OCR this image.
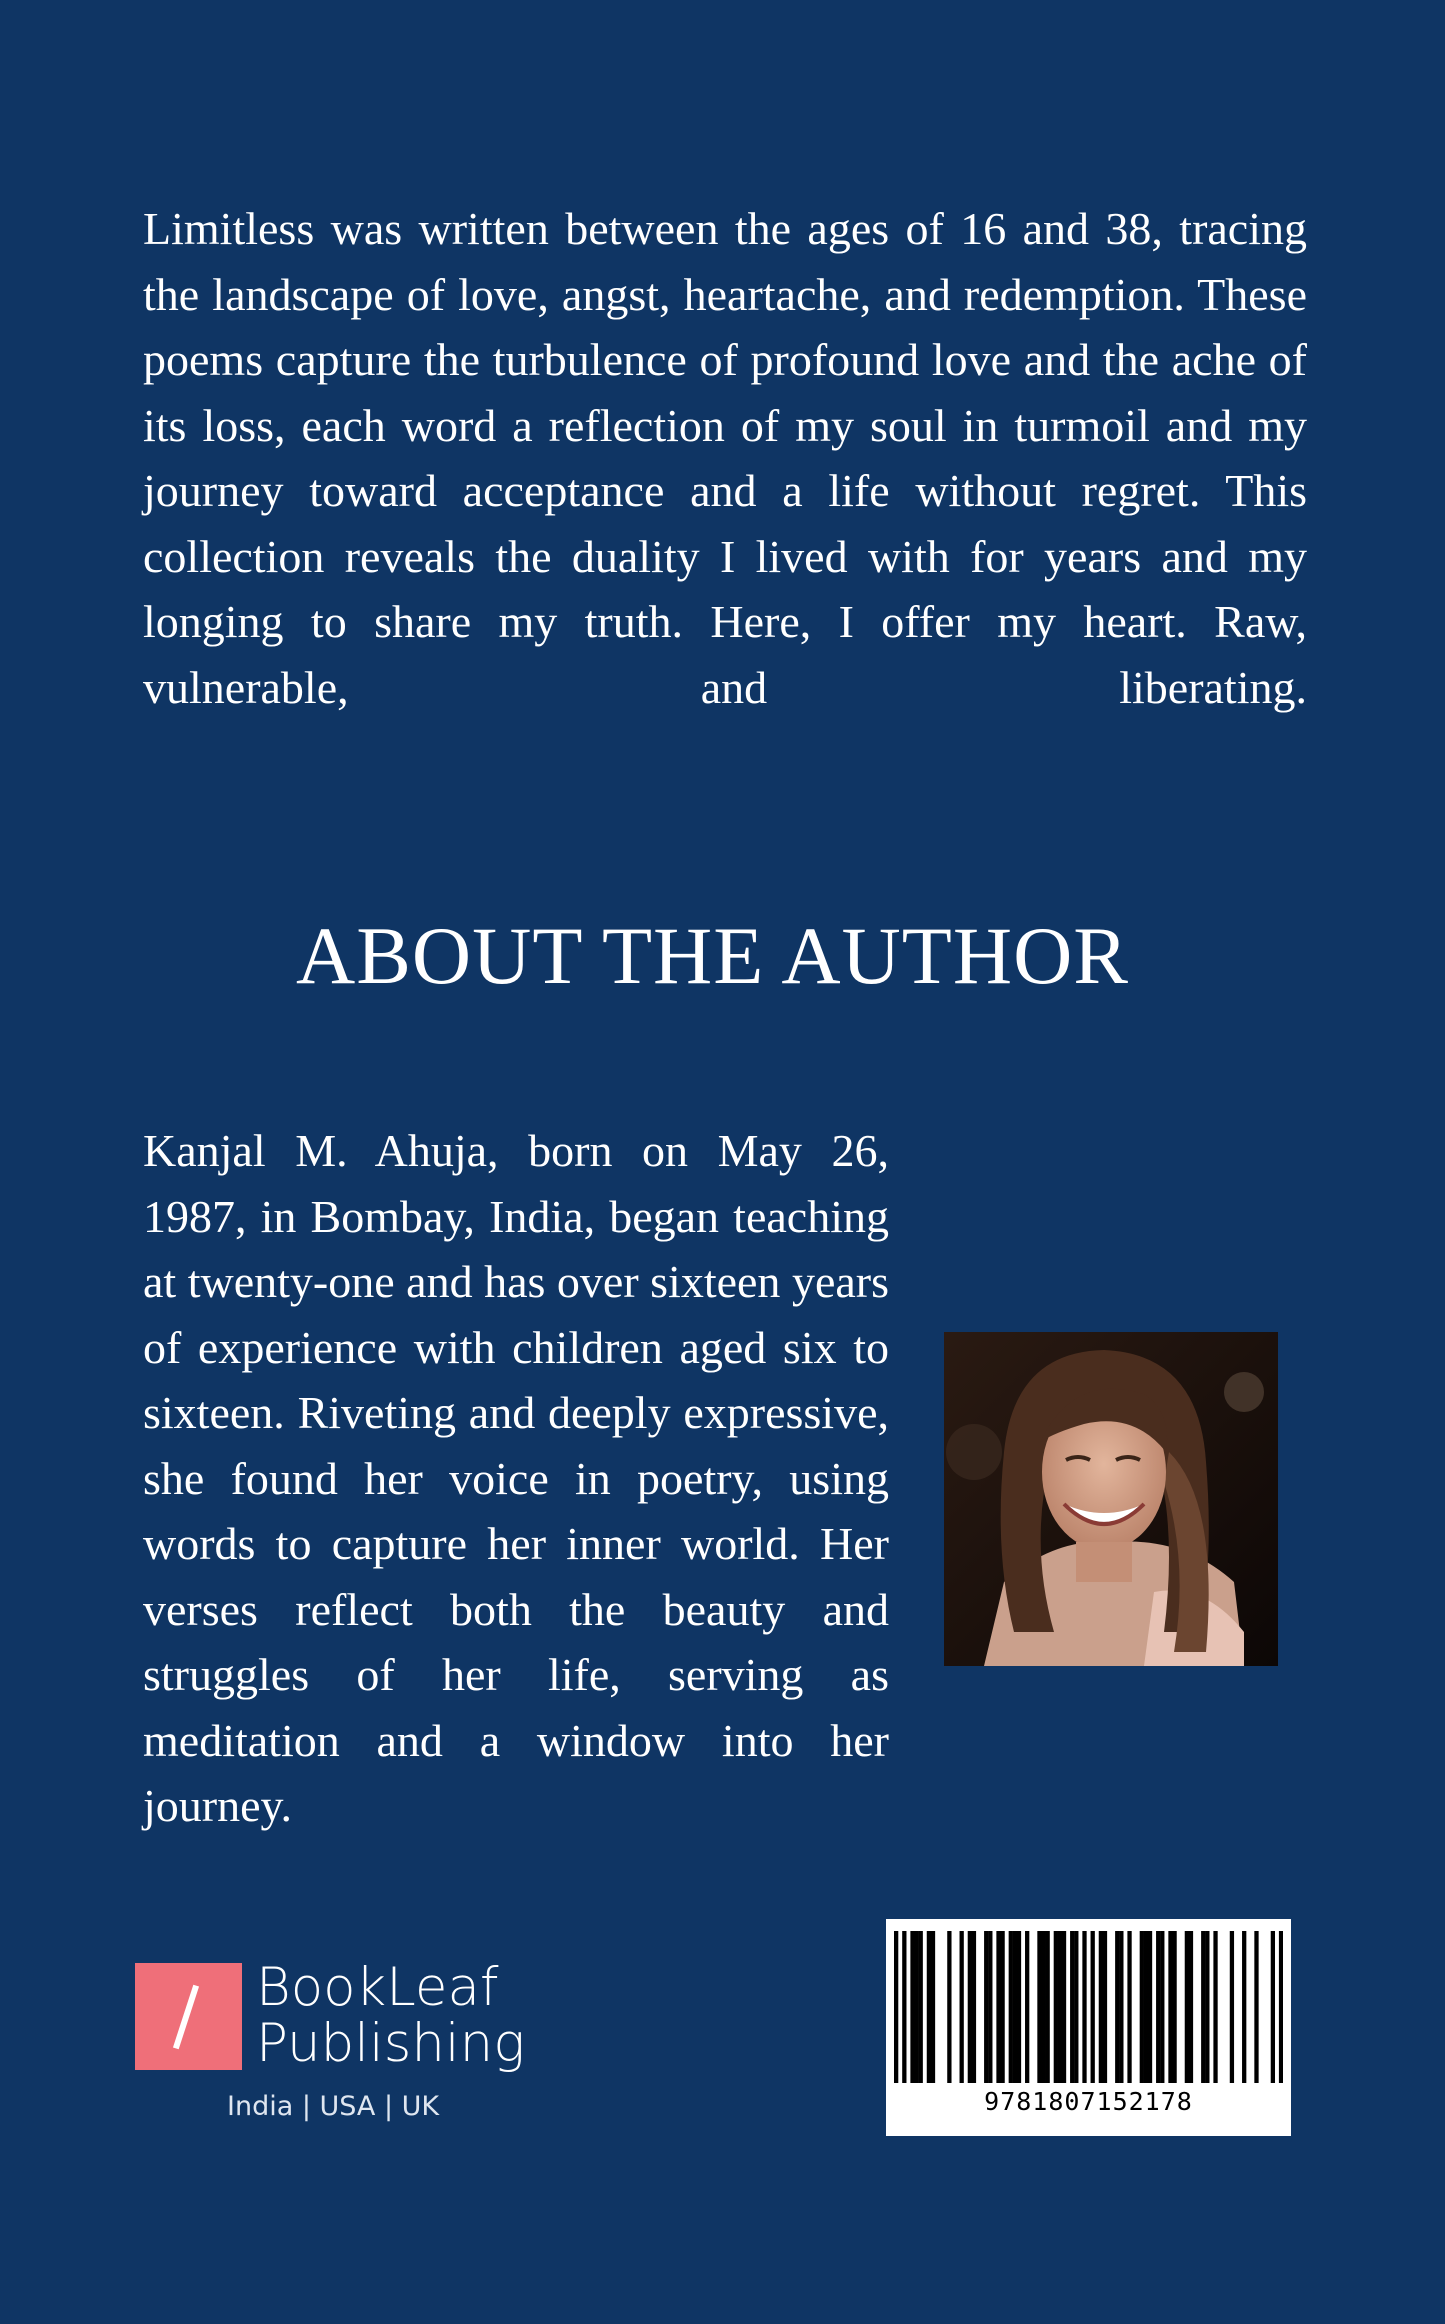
Limitless was written between the ages of 16 and 38, tracing the landscape of love, angst, heartache, and redemption. These poems capture the turbulence of profound love and the ache of its loss, each word a reflection of my soul in turmoil and my journey toward acceptance and a life without regret. This collection reveals the duality I lived with for years and my longing to share my truth. Here, I offer my heart. Raw, vulnerable, and liberating.

ABOUT THE AUTHOR

Kanjal M. Ahuja, born on May 26, 1987, in Bombay, India, began teaching at twenty-one and has over sixteen years of experience with children aged six to sixteen. Riveting and deeply expressive, she found her voice in poetry, using words to capture her inner world. Her verses reflect both the beauty and struggles of her life, serving as meditation and a window into her journey.

BookLeaf
Publishing
India | USA | UK	9781807152178
